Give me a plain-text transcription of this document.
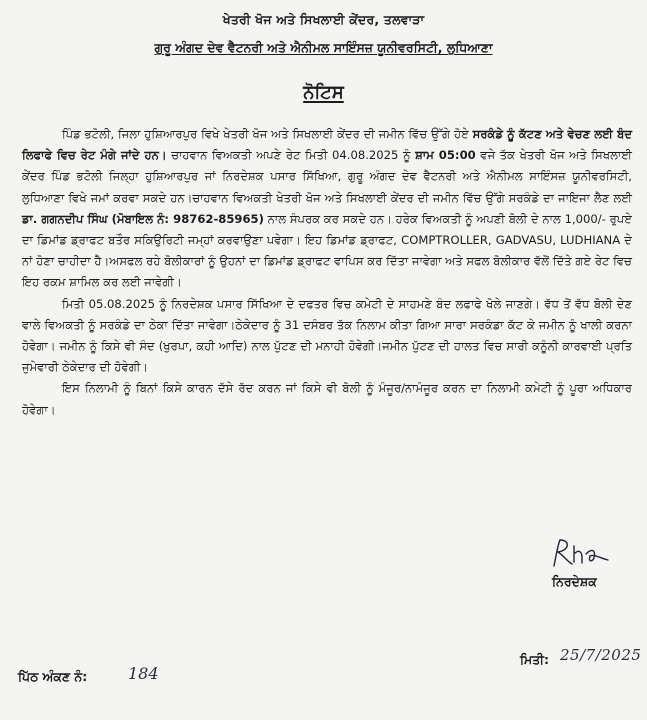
ਖੇਤਰੀ ਖੋਜ ਅਤੇ ਸਿਖਲਾਈ ਕੇਂਦਰ, ਤਲਵਾੜਾ
ਗੁਰੂ ਅੰਗਦ ਦੇਵ ਵੈਟਨਰੀ ਅਤੇ ਐਨੀਮਲ ਸਾਇੰਸਜ਼ ਯੂਨੀਵਰਸਿਟੀ, ਲੁਧਿਆਣਾ
ਨੋਟਿਸ

ਪਿੰਡ ਭਟੋਲੀ, ਜਿਲਾ ਹੁਸ਼ਿਆਰਪੁਰ ਵਿਖੇ ਖੇਤਰੀ ਖੋਜ ਅਤੇ ਸਿਖਲਾਈ ਕੇਂਦਰ ਦੀ ਜਮੀਨ ਵਿੱਚ ਉੱਗੇ ਹੋਏ ਸਰਕੰਡੇ ਨੂੰ ਕੱਟਣ ਅਤੇ ਵੇਚਣ ਲਈ ਬੰਦ ਲਿਫਾਫੇ ਵਿਚ ਰੇਟ ਮੰਗੇ ਜਾਂਦੇ ਹਨ। ਚਾਹਵਾਨ ਵਿਅਕਤੀ ਅਪਣੇ ਰੇਟ ਮਿਤੀ 04.08.2025 ਨੂੰ ਸ਼ਾਮ 05:00 ਵਜੇ ਤੱਕ ਖੇਤਰੀ ਖੋਜ ਅਤੇ ਸਿਖਲਾਈ ਕੇਂਦਰ ਪਿੰਡ ਭਟੋਲੀ ਜਿਲ੍ਹਾ ਹੁਸ਼ਿਆਰਪੁਰ ਜਾਂ ਨਿਰਦੇਸ਼ਕ ਪਸਾਰ ਸਿੱਖਿਆ, ਗੁਰੂ ਅੰਗਦ ਦੇਵ ਵੈਟਨਰੀ ਅਤੇ ਐਨੀਮਲ ਸਾਇੰਸਜ਼ ਯੂਨੀਵਰਸਿਟੀ, ਲੁਧਿਆਣਾ ਵਿਖੇ ਜਮਾਂ ਕਰਵਾ ਸਕਦੇ ਹਨ।ਚਾਹਵਾਨ ਵਿਅਕਤੀ ਖੇਤਰੀ ਖੋਜ ਅਤੇ ਸਿਖਲਾਈ ਕੇਂਦਰ ਦੀ ਜਮੀਨ ਵਿੱਚ ਉੱਗੇ ਸਰਕੰਡੇ ਦਾ ਜਾਇਜਾ ਲੈਣ ਲਈ ਡਾ. ਗਗਨਦੀਪ ਸਿੰਘ (ਮੋਬਾਇਲ ਨੰ: 98762-85965) ਨਾਲ ਸੰਪਰਕ ਕਰ ਸਕਦੇ ਹਨ। ਹਰੇਕ ਵਿਅਕਤੀ ਨੂੰ ਅਪਣੀ ਬੋਲੀ ਦੇ ਨਾਲ 1,000/- ਰੁਪਏ ਦਾ ਡਿਮਾਂਡ ਡ੍ਰਾਫਟ ਬਤੌਰ ਸਕਿਉਰਿਟੀ ਜਮ੍ਹਾਂ ਕਰਵਾਉਣਾ ਪਵੇਗਾ। ਇਹ ਡਿਮਾਂਡ ਡ੍ਰਾਫਟ, COMPTROLLER, GADVASU, LUDHIANA ਦੇ ਨਾਂ ਹੋਣਾ ਚਾਹੀਦਾ ਹੈ।ਅਸਫਲ ਰਹੇ ਬੋਲੀਕਾਰਾਂ ਨੂੰ ਉਹਨਾਂ ਦਾ ਡਿਮਾਂਡ ਡ੍ਰਾਫਟ ਵਾਪਿਸ ਕਰ ਦਿੱਤਾ ਜਾਵੇਗਾ ਅਤੇ ਸਫਲ ਬੋਲੀਕਾਰ ਵੱਲੋਂ ਦਿੱਤੇ ਗਏ ਰੇਟ ਵਿਚ ਇਹ ਰਕਮ ਸ਼ਾਮਿਲ ਕਰ ਲਈ ਜਾਵੇਗੀ।

ਮਿਤੀ 05.08.2025 ਨੂੰ ਨਿਰਦੇਸ਼ਕ ਪਸਾਰ ਸਿੱਖਿਆ ਦੇ ਦਫਤਰ ਵਿਚ ਕਮੇਟੀ ਦੇ ਸਾਹਮਣੇ ਬੰਦ ਲਫਾਫੇ ਖੋਲੇ ਜਾਣਗੇ। ਵੱਧ ਤੋਂ ਵੱਧ ਬੋਲੀ ਦੇਣ ਵਾਲੇ ਵਿਅਕਤੀ ਨੂੰ ਸਰਕੰਡੇ ਦਾ ਠੇਕਾ ਦਿੱਤਾ ਜਾਵੇਗਾ।ਠੇਕੇਦਾਰ ਨੂੰ 31 ਦਸੰਬਰ ਤੱਕ ਨਿਲਾਮ ਕੀਤਾ ਗਿਆ ਸਾਰਾ ਸਰਕੰਡਾ ਕੱਟ ਕੇ ਜਮੀਨ ਨੂੰ ਖਾਲੀ ਕਰਨਾ ਹੋਵੇਗਾ। ਜਮੀਨ ਨੂੰ ਕਿਸੇ ਵੀ ਸੰਦ (ਖੁਰਪਾ, ਕਹੀ ਆਦਿ) ਨਾਲ ਪੁੱਟਣ ਦੀ ਮਨਾਹੀ ਹੋਵੇਗੀ।ਜਮੀਨ ਪੁੱਟਣ ਦੀ ਹਾਲਤ ਵਿਚ ਸਾਰੀ ਕਨੂੰਨੀ ਕਾਰਵਾਈ ਪ੍ਰਤਿ ਜੁਮੇਵਾਰੀ ਠੇਕੇਦਾਰ ਦੀ ਹੋਵੇਗੀ।

ਇਸ ਨਿਲਾਮੀ ਨੂੰ ਬਿਨਾਂ ਕਿਸੇ ਕਾਰਨ ਦੱਸੇ ਰੱਦ ਕਰਨ ਜਾਂ ਕਿਸੇ ਵੀ ਬੋਲੀ ਨੂੰ ਮੰਜੂਰ/ਨਾਮੰਜੂਰ ਕਰਨ ਦਾ ਨਿਲਾਮੀ ਕਮੇਟੀ ਨੂੰ ਪੂਰਾ ਅਧਿਕਾਰ ਹੋਵੇਗਾ।

ਨਿਰਦੇਸ਼ਕ
ਮਿਤੀ: 25/7/2025
ਪਿੱਠ ਅੰਕਣ ਨੰ:	184
